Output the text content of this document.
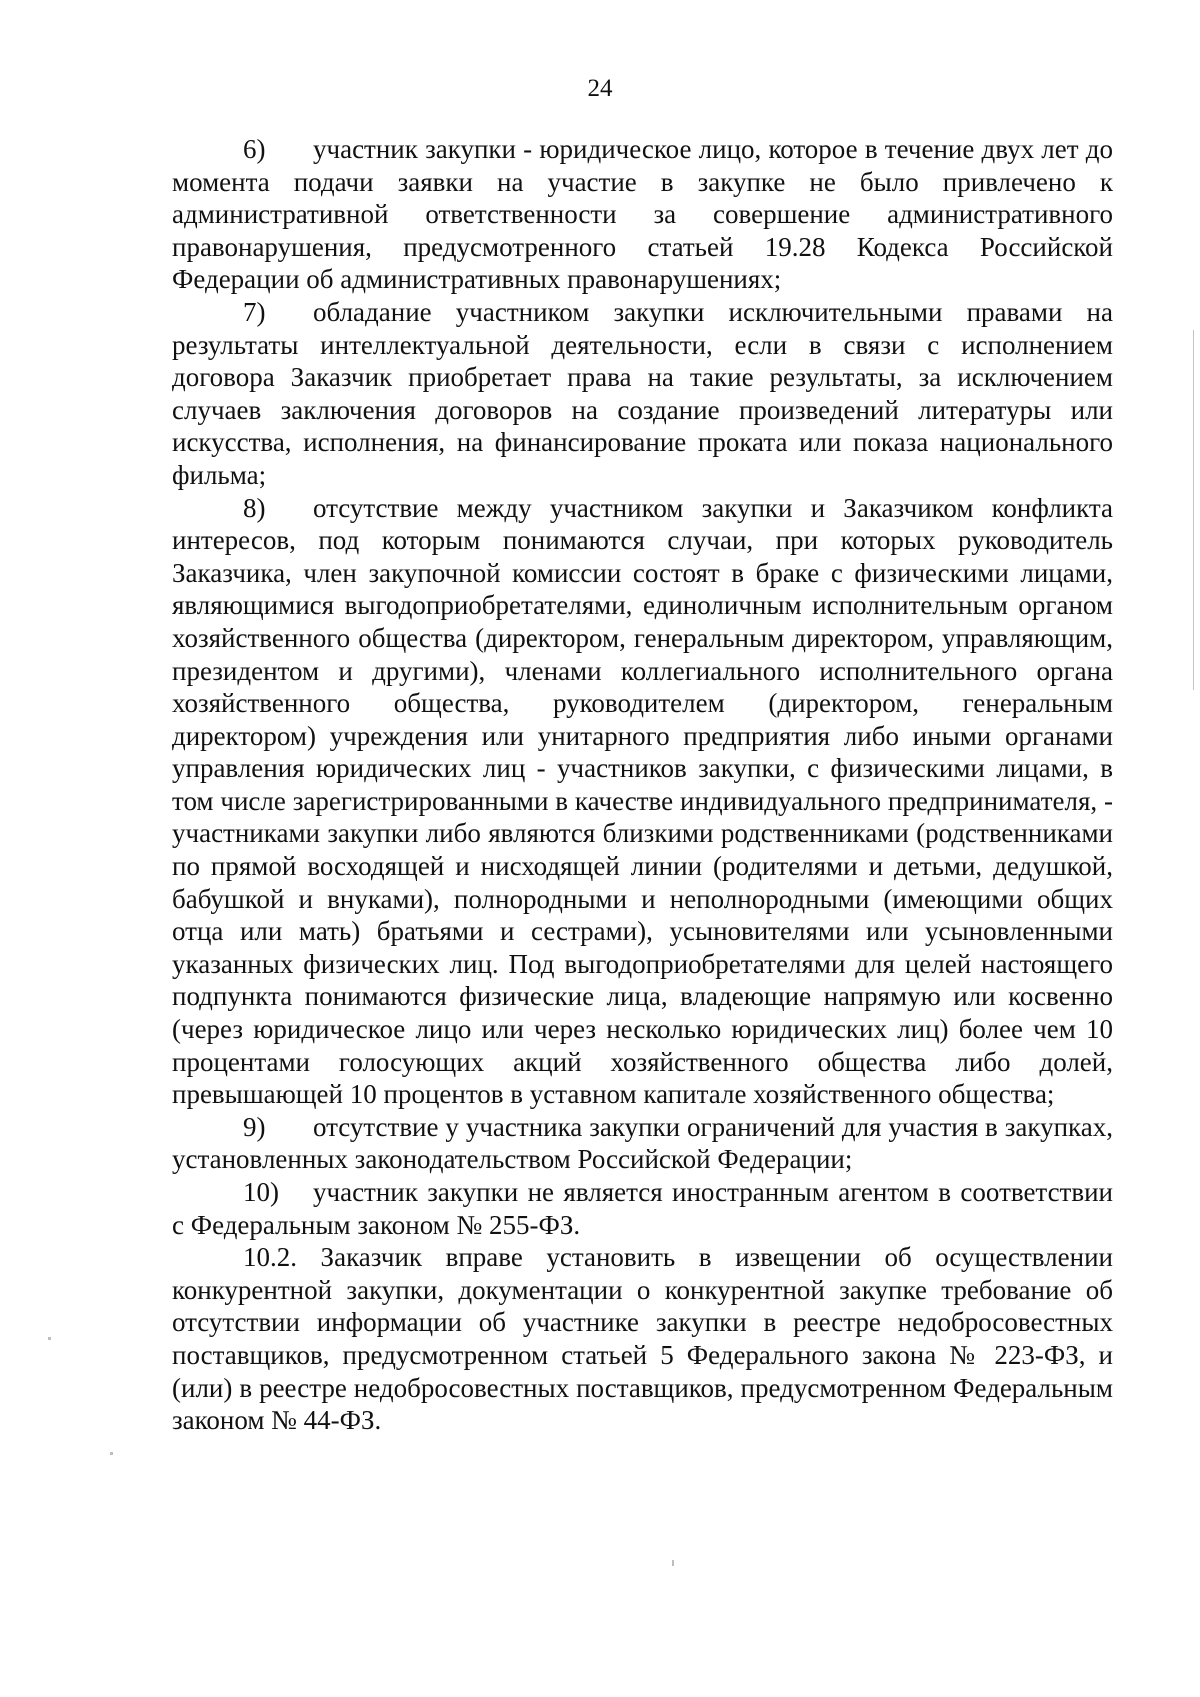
24

6) участник закупки - юридическое лицо, которое в течение двух лет до момента подачи заявки на участие в закупке не было привлечено к административной ответственности за совершение административного правонарушения, предусмотренного статьей 19.28 Кодекса Российской Федерации об административных правонарушениях;

7) обладание участником закупки исключительными правами на результаты интеллектуальной деятельности, если в связи с исполнением договора Заказчик приобретает права на такие результаты, за исключением случаев заключения договоров на создание произведений литературы или искусства, исполнения, на финансирование проката или показа национального фильма;

8) отсутствие между участником закупки и Заказчиком конфликта интересов, под которым понимаются случаи, при которых руководитель Заказчика, член закупочной комиссии состоят в браке с физическими лицами, являющимися выгодоприобретателями, единоличным исполнительным органом хозяйственного общества (директором, генеральным директором, управляющим, президентом и другими), членами коллегиального исполнительного органа хозяйственного общества, руководителем (директором, генеральным директором) учреждения или унитарного предприятия либо иными органами управления юридических лиц - участников закупки, с физическими лицами, в том числе зарегистрированными в качестве индивидуального предпринимателя, - участниками закупки либо являются близкими родственниками (родственниками по прямой восходящей и нисходящей линии (родителями и детьми, дедушкой, бабушкой и внуками), полнородными и неполнородными (имеющими общих отца или мать) братьями и сестрами), усыновителями или усыновленными указанных физических лиц. Под выгодоприобретателями для целей настоящего подпункта понимаются физические лица, владеющие напрямую или косвенно (через юридическое лицо или через несколько юридических лиц) более чем 10 процентами голосующих акций хозяйственного общества либо долей, превышающей 10 процентов в уставном капитале хозяйственного общества;

9) отсутствие у участника закупки ограничений для участия в закупках, установленных законодательством Российской Федерации;

10) участник закупки не является иностранным агентом в соответствии с Федеральным законом № 255-ФЗ.

10.2. Заказчик вправе установить в извещении об осуществлении конкурентной закупки, документации о конкурентной закупке требование об отсутствии информации об участнике закупки в реестре недобросовестных поставщиков, предусмотренном статьей 5 Федерального закона № 223-ФЗ, и (или) в реестре недобросовестных поставщиков, предусмотренном Федеральным законом № 44-ФЗ.
